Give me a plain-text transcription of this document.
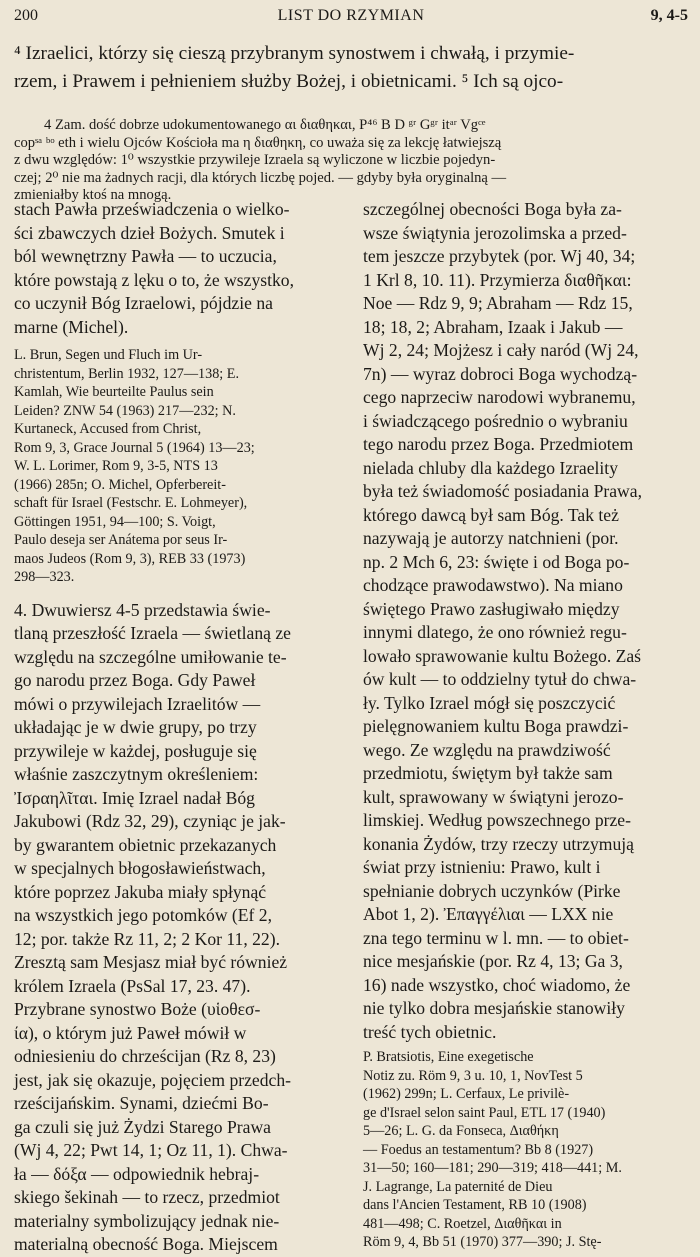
200	LIST DO RZYMIAN	9, 4-5
⁴ Izraelici, którzy się cieszą przybranym synostwem i chwałą, i przymie-
rzem, i Prawem i pełnieniem służby Bożej, i obietnicami. ⁵ Ich są ojco-
4 Zam. dość dobrze udokumentowanego αι διαθηκαι, P⁴⁶ B D ᵍʳ Gᵍʳ itᵃʳ Vgᶜᵉ
copˢᵃ ᵇᵒ eth i wielu Ojców Kościoła ma η διαθηκη, co uważa się za lekcję łatwiejszą
z dwu względów: 1⁰ wszystkie przywileje Izraela są wyliczone w liczbie pojedyn-
czej; 2⁰ nie ma żadnych racji, dla których liczbę pojed. — gdyby była oryginalną —
zmieniałby ktoś na mnogą.
stach Pawła przeświadczenia o wielko-
ści zbawczych dzieł Bożych. Smutek i
ból wewnętrzny Pawła — to uczucia,
które powstają z lęku o to, że wszystko,
co uczynił Bóg Izraelowi, pójdzie na
marne (Michel).
L. Brun, Segen und Fluch im Ur-
christentum, Berlin 1932, 127—138; E.
Kamlah, Wie beurteilte Paulus sein
Leiden? ZNW 54 (1963) 217—232; N.
Kurtaneck, Accused from Christ,
Rom 9, 3, Grace Journal 5 (1964) 13—23;
W. L. Lorimer, Rom 9, 3-5, NTS 13
(1966) 285n; O. Michel, Opferbereit-
schaft für Israel (Festschr. E. Lohmeyer),
Göttingen 1951, 94—100; S. Voigt,
Paulo deseja ser Anátema por seus Ir-
maos Judeos (Rom 9, 3), REB 33 (1973)
298—323.
4. Dwuwiersz 4-5 przedstawia świe-
tlaną przeszłość Izraela — świetlaną ze
względu na szczególne umiłowanie te-
go narodu przez Boga. Gdy Paweł
mówi o przywilejach Izraelitów —
układając je w dwie grupy, po trzy
przywileje w każdej, posługuje się
właśnie zaszczytnym określeniem:
Ἰσραηλῖται. Imię Izrael nadał Bóg
Jakubowi (Rdz 32, 29), czyniąc je jak-
by gwarantem obietnic przekazanych
w specjalnych błogosławieństwach,
które poprzez Jakuba miały spłynąć
na wszystkich jego potomków (Ef 2,
12; por. także Rz 11, 2; 2 Kor 11, 22).
Zresztą sam Mesjasz miał być również
królem Izraela (PsSal 17, 23. 47).
Przybrane synostwo Boże (υἱοθεσ-
ία), o którym już Paweł mówił w
odniesieniu do chrześcijan (Rz 8, 23)
jest, jak się okazuje, pojęciem przedch-
rześcijańskim. Synami, dziećmi Bo-
ga czuli się już Żydzi Starego Prawa
(Wj 4, 22; Pwt 14, 1; Oz 11, 1). Chwa-
ła — δόξα — odpowiednik hebraj-
skiego šekinah — to rzecz, przedmiot
materialny symbolizujący jednak nie-
materialną obecność Boga. Miejscem
szczególnej obecności Boga była za-
wsze świątynia jerozolimska a przed-
tem jeszcze przybytek (por. Wj 40, 34;
1 Krl 8, 10. 11). Przymierza διαθῆκαι:
Noe — Rdz 9, 9; Abraham — Rdz 15,
18; 18, 2; Abraham, Izaak i Jakub —
Wj 2, 24; Mojżesz i cały naród (Wj 24,
7n) — wyraz dobroci Boga wychodzą-
cego naprzeciw narodowi wybranemu,
i świadczącego pośrednio o wybraniu
tego narodu przez Boga. Przedmiotem
nielada chluby dla każdego Izraelity
była też świadomość posiadania Prawa,
którego dawcą był sam Bóg. Tak też
nazywają je autorzy natchnieni (por.
np. 2 Mch 6, 23: święte i od Boga po-
chodzące prawodawstwo). Na miano
świętego Prawo zasługiwało między
innymi dlatego, że ono również regu-
lowało sprawowanie kultu Bożego. Zaś
ów kult — to oddzielny tytuł do chwa-
ły. Tylko Izrael mógł się poszczycić
pielęgnowaniem kultu Boga prawdzi-
wego. Ze względu na prawdziwość
przedmiotu, świętym był także sam
kult, sprawowany w świątyni jerozo-
limskiej. Według powszechnego prze-
konania Żydów, trzy rzeczy utrzymują
świat przy istnieniu: Prawo, kult i
spełnianie dobrych uczynków (Pirke
Abot 1, 2). Ἐπαγγέλιαι — LXX nie
zna tego terminu w l. mn. — to obiet-
nice mesjańskie (por. Rz 4, 13; Ga 3,
16) nade wszystko, choć wiadomo, że
nie tylko dobra mesjańskie stanowiły
treść tych obietnic.
P. Bratsiotis, Eine exegetische
Notiz zu. Röm 9, 3 u. 10, 1, NovTest 5
(1962) 299n; L. Cerfaux, Le privilè-
ge d'Israel selon saint Paul, ETL 17 (1940)
5—26; L. G. da Fonseca, Διαθήκη
— Foedus an testamentum? Bb 8 (1927)
31—50; 160—181; 290—319; 418—441; M.
J. Lagrange, La paternité de Dieu
dans l'Ancien Testament, RB 10 (1908)
481—498; C. Roetzel, Διαθῆκαι in
Röm 9, 4, Bb 51 (1970) 377—390; J. Stę-
